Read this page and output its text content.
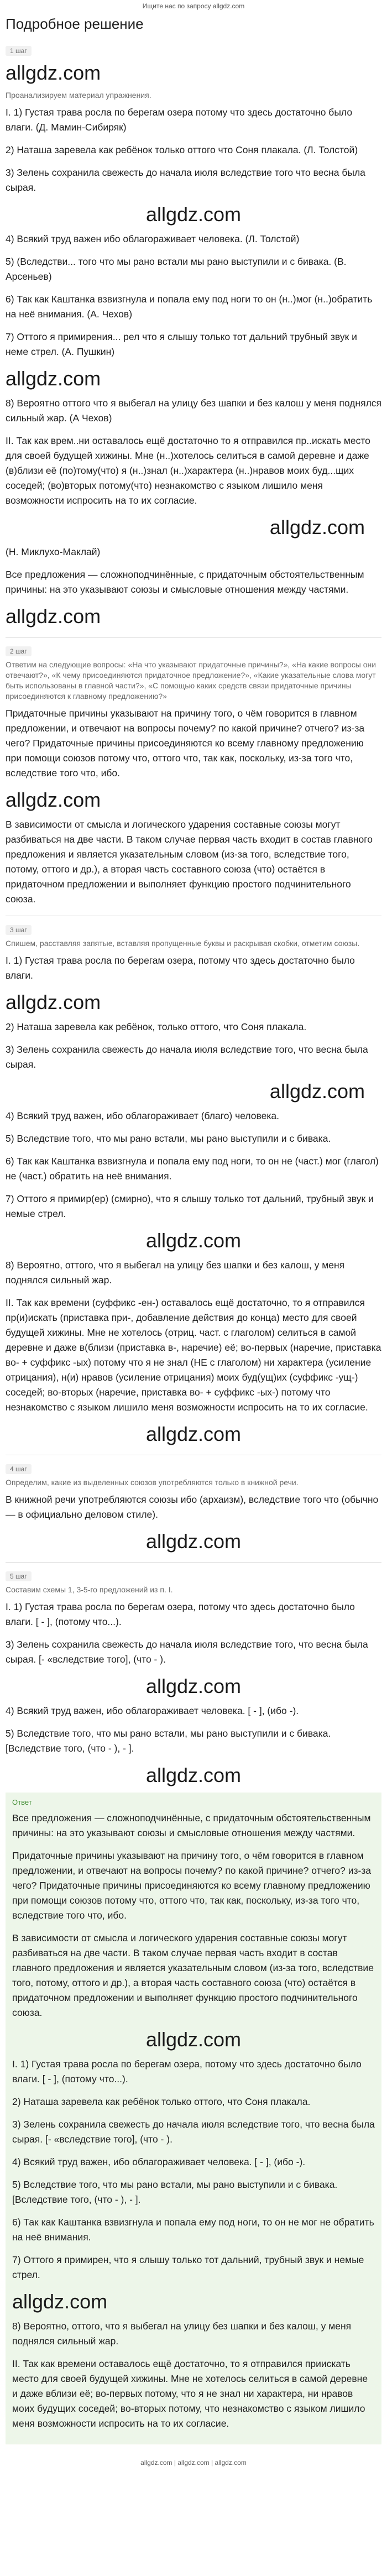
Ищите нас по запросу allgdz.com
Подробное решение
1 шаг
allgdz.com
Проанализируем материал упражнения.

I. 1) Густая трава росла по берегам озера потому что здесь достаточно было влаги. (Д. Мамин-Сибиряк)

2) Наташа заревела как ребёнок только оттого что Соня плакала. (Л. Толстой)

3) Зелень сохранила свежесть до начала июля вследствие того что весна была сырая.

allgdz.com

4) Всякий труд важен ибо облагораживает человека. (Л. Толстой)

5) (Вследстви... того что мы рано встали мы рано выступили и с бивака. (В. Арсеньев)

6) Так как Каштанка взвизгнула и попала ему под ноги то он (н..)мог (н..)обратить на неё внимания. (А. Чехов)

7) Оттого я примирения... рел что я слышу только тот дальний трубный звук и неме стрел. (А. Пушкин)

allgdz.com

8) Вероятно оттого что я выбегал на улицу без шапки и без калош у меня поднялся сильный жар. (А Чехов)

II. Так как врем..ни оставалось ещё достаточно то я отправился пр..искать место для своей будущей хижины. Мне (н..)хотелось селиться в самой деревне и даже (в)близи её (по)тому(что) я (н..)знал (н..)характера (н..)нравов моих буд...щих соседей; (во)вторых потому(что) незнакомство с языком лишило меня возможности испросить на то их согласие.

allgdz.com

(Н. Миклухо-Маклай)

Все предложения — сложноподчинённые, с придаточным обстоятельственным причины: на это указывают союзы и смысловые отношения между частями.

allgdz.com
2 шаг
Ответим на следующие вопросы: «На что указывают придаточные причины?», «На какие вопросы они отвечают?», «К чему присоединяются придаточное предложение?», «Какие указательные слова могут быть использованы в главной части?», «С помощью каких средств связи придаточные причины присоединяются к главному предложению?»

Придаточные причины указывают на причину того, о чём говорится в главном предложении, и отвечают на вопросы почему? по какой причине? отчего? из-за чего? Придаточные причины присоединяются ко всему главному предложению при помощи союзов потому что, оттого что, так как, поскольку, из-за того что, вследствие того что, ибо.

allgdz.com

В зависимости от смысла и логического ударения составные союзы могут разбиваться на две части. В таком случае первая часть входит в состав главного предложения и является указательным словом (из-за того, вследствие того, потому, оттого и др.), а вторая часть составного союза (что) остаётся в придаточном предложении и выполняет функцию простого подчинительного союза.

3 шаг
Спишем, расставляя запятые, вставляя пропущенные буквы и раскрывая скобки, отметим союзы.

I. 1) Густая трава росла по берегам озера, потому что здесь достаточно было влаги.

allgdz.com

2) Наташа заревела как ребёнок, только оттого, что Соня плакала.

3) Зелень сохранила свежесть до начала июля вследствие того, что весна была сырая.

allgdz.com

4) Всякий труд важен, ибо облагораживает (благо) человека.

5) Вследствие того, что мы рано встали, мы рано выступили и с бивака.

6) Так как Каштанка взвизгнула и попала ему под ноги, то он не (част.) мог (глагол) не (част.) обратить на неё внимания.

7) Оттого я примир(ер) (смирно), что я слышу только тот дальний, трубный звук и немые стрел.

allgdz.com

8) Вероятно, оттого, что я выбегал на улицу без шапки и без калош, у меня поднялся сильный жар.

II. Так как времени (суффикс -ен-) оставалось ещё достаточно, то я отправился пр(и)искать (приставка при-, добавление действия до конца) место для своей будущей хижины. Мне не хотелось (отриц. част. с глаголом) селиться в самой деревне и даже в(близи (приставка в-, наречие) её; во-первых (наречие, приставка во- + суффикс -ых) потому что я не знал (НЕ с глаголом) ни характера (усиление отрицания), н(и) нравов (усиление отрицания) моих буд(ущ)их (суффикс -ущ-) соседей; во-вторых (наречие, приставка во- + суффикс -ых-) потому что незнакомство с языком лишило меня возможности испросить на то их согласие.

allgdz.com
4 шаг
Определим, какие из выделенных союзов употребляются только в книжной речи.

В книжной речи употребляются союзы ибо (архаизм), вследствие того что (обычно — в официально деловом стиле).

allgdz.com
5 шаг
Составим схемы 1, 3-5-го предложений из п. I.

I. 1) Густая трава росла по берегам озера, потому что здесь достаточно было влаги. [ - ], (потому что...).

3) Зелень сохранила свежесть до начала июля вследствие того, что весна была сырая. [- «вследствие того], (что - ).

allgdz.com

4) Всякий труд важен, ибо облагораживает человека. [ - ], (ибо -).

5) Вследствие того, что мы рано встали, мы рано выступили и с бивака. [Вследствие того, (что - ), - ].

allgdz.com
Ответ

Все предложения — сложноподчинённые, с придаточным обстоятельственным причины: на это указывают союзы и смысловые отношения между частями.

Придаточные причины указывают на причину того, о чём говорится в главном предложении, и отвечают на вопросы почему? по какой причине? отчего? из-за чего? Придаточные причины присоединяются ко всему главному предложению при помощи союзов потому что, оттого что, так как, поскольку, из-за того что, вследствие того что, ибо.

В зависимости от смысла и логического ударения составные союзы могут разбиваться на две части. В таком случае первая часть входит в состав главного предложения и является указательным словом (из-за того, вследствие того, потому, оттого и др.), а вторая часть составного союза (что) остаётся в придаточном предложении и выполняет функцию простого подчинительного союза.

allgdz.com

I. 1) Густая трава росла по берегам озера, потому что здесь достаточно было влаги. [ - ], (потому что...).

2) Наташа заревела как ребёнок только оттого, что Соня плакала.

3) Зелень сохранила свежесть до начала июля вследствие того, что весна была сырая. [- «вследствие того], (что - ).

4) Всякий труд важен, ибо облагораживает человека. [ - ], (ибо -).

5) Вследствие того, что мы рано встали, мы рано выступили и с бивака. [Вследствие того, (что - ), - ].

6) Так как Каштанка взвизгнула и попала ему под ноги, то он не мог не обратить на неё внимания.

7) Оттого я примирен, что я слышу только тот дальний, трубный звук и немые стрел.

allgdz.com

8) Вероятно, оттого, что я выбегал на улицу без шапки и без калош, у меня поднялся сильный жар.

II. Так как времени оставалось ещё достаточно, то я отправился приискать место для своей будущей хижины. Мне не хотелось селиться в самой деревне и даже вблизи её; во-первых потому, что я не знал ни характера, ни нравов моих будущих соседей; во-вторых потому, что незнакомство с языком лишило меня возможности испросить на то их согласие.

allgdz.com | allgdz.com | allgdz.com
